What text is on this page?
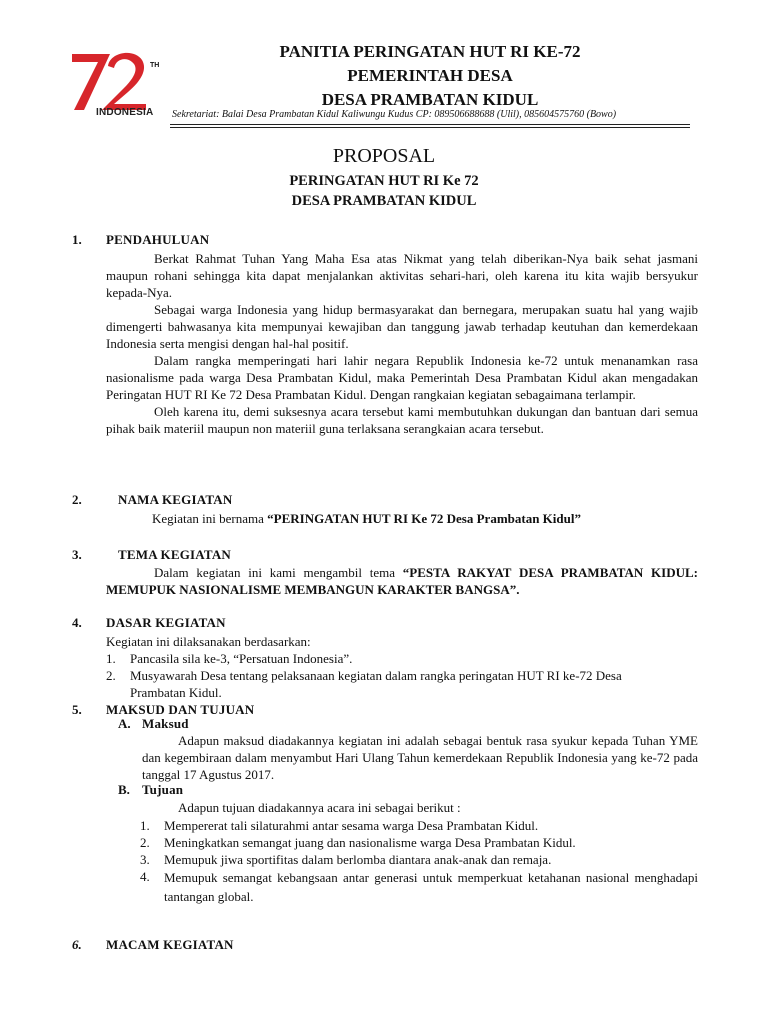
TH
INDONESIA
PANITIA PERINGATAN HUT RI KE-72
PEMERINTAH DESA
DESA PRAMBATAN KIDUL
Sekretariat: Balai Desa Prambatan Kidul Kaliwungu Kudus CP: 089506688688 (Ulil), 085604575760 (Bowo)
PROPOSAL
PERINGATAN HUT RI Ke 72
DESA PRAMBATAN KIDUL
1. PENDAHULUAN
Berkat Rahmat Tuhan Yang Maha Esa atas Nikmat yang telah diberikan-Nya baik sehat jasmani maupun rohani sehingga kita dapat menjalankan aktivitas sehari-hari, oleh karena itu kita wajib bersyukur kepada-Nya.
Sebagai warga Indonesia yang hidup bermasyarakat dan bernegara, merupakan suatu hal yang wajib dimengerti bahwasanya kita mempunyai kewajiban dan tanggung jawab terhadap keutuhan dan kemerdekaan Indonesia serta mengisi dengan hal-hal positif.
Dalam rangka memperingati hari lahir negara Republik Indonesia ke-72 untuk menanamkan rasa nasionalisme pada warga Desa Prambatan Kidul, maka Pemerintah Desa Prambatan Kidul akan mengadakan Peringatan HUT RI Ke 72 Desa Prambatan Kidul. Dengan rangkaian kegiatan sebagaimana terlampir.
Oleh karena itu, demi suksesnya acara tersebut kami membutuhkan dukungan dan bantuan dari semua pihak baik materiil maupun non materiil guna terlaksana serangkaian acara tersebut.
2.	NAMA KEGIATAN
Kegiatan ini bernama “PERINGATAN HUT RI Ke 72 Desa Prambatan Kidul”
3.	TEMA KEGIATAN
Dalam kegiatan ini kami mengambil tema “PESTA RAKYAT DESA PRAMBATAN KIDUL: MEMUPUK NASIONALISME MEMBANGUN KARAKTER BANGSA”.
4. DASAR KEGIATAN
Kegiatan ini dilaksanakan berdasarkan:
1. Pancasila sila ke-3, “Persatuan Indonesia”.
2. Musyawarah Desa tentang pelaksanaan kegiatan dalam rangka peringatan HUT RI ke-72 Desa Prambatan Kidul.
5. MAKSUD DAN TUJUAN
A. Maksud
Adapun maksud diadakannya kegiatan ini adalah sebagai bentuk rasa syukur kepada Tuhan YME dan kegembiraan dalam menyambut Hari Ulang Tahun kemerdekaan Republik Indonesia yang ke-72 pada tanggal 17 Agustus 2017.
B. Tujuan
Adapun tujuan diadakannya acara ini sebagai berikut :
1. Mempererat tali silaturahmi antar sesama warga Desa Prambatan Kidul.
2. Meningkatkan semangat juang dan nasionalisme warga Desa Prambatan Kidul.
3. Memupuk jiwa sportifitas dalam berlomba diantara anak-anak dan remaja.
4. Memupuk semangat kebangsaan antar generasi untuk memperkuat ketahanan nasional menghadapi tantangan global.
6. MACAM KEGIATAN
